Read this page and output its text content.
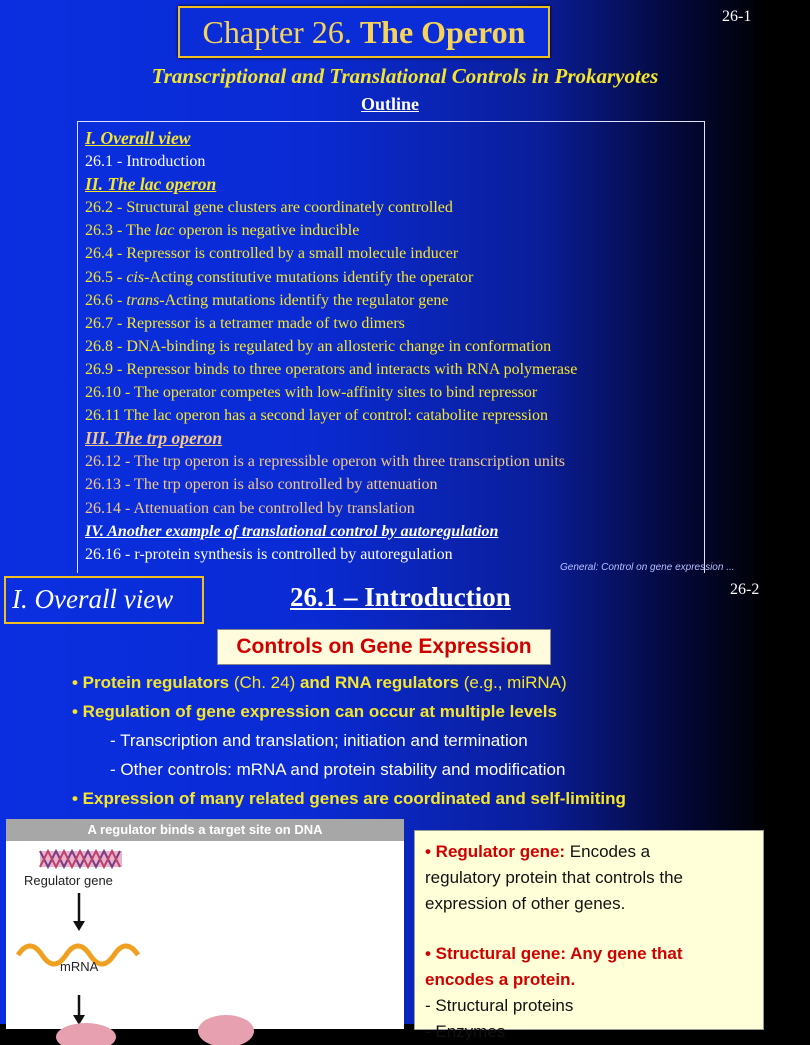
26-1
Chapter 26. The Operon
Transcriptional and Translational Controls in Prokaryotes
Outline
I. Overall view
26.1 - Introduction
II. The lac operon
26.2 - Structural gene clusters are coordinately controlled
26.3 - The lac operon is negative inducible
26.4 - Repressor is controlled by a small molecule inducer
26.5 - cis-Acting constitutive mutations identify the operator
26.6 - trans-Acting mutations identify the regulator gene
26.7 - Repressor is a tetramer made of two dimers
26.8 - DNA-binding is regulated by an allosteric change in conformation
26.9 - Repressor binds to three operators and interacts with RNA polymerase
26.10 - The operator competes with low-affinity sites to bind repressor
26.11 The lac operon has a second layer of control: catabolite repression
III. The trp operon
26.12 - The trp operon is a repressible operon with three transcription units
26.13 - The trp operon is also controlled by attenuation
26.14 - Attenuation can be controlled by translation
IV. Another example of translational control by autoregulation
26.16 - r-protein synthesis is controlled by autoregulation
General: Control on gene expression ...
26-2
I. Overall view	26.1 – Introduction
Controls on Gene Expression
• Protein regulators (Ch. 24) and RNA regulators (e.g., miRNA)
• Regulation of gene expression can occur at multiple levels
- Transcription and translation; initiation and termination
- Other controls: mRNA and protein stability and modification
• Expression of many related genes are coordinated and self-limiting
A regulator binds a target site on DNA
Regulator gene
mRNA
• Regulator gene: Encodes a
regulatory protein that controls the
expression of other genes.
• Structural gene: Any gene that
encodes a protein.
- Structural proteins
- Enzymes
